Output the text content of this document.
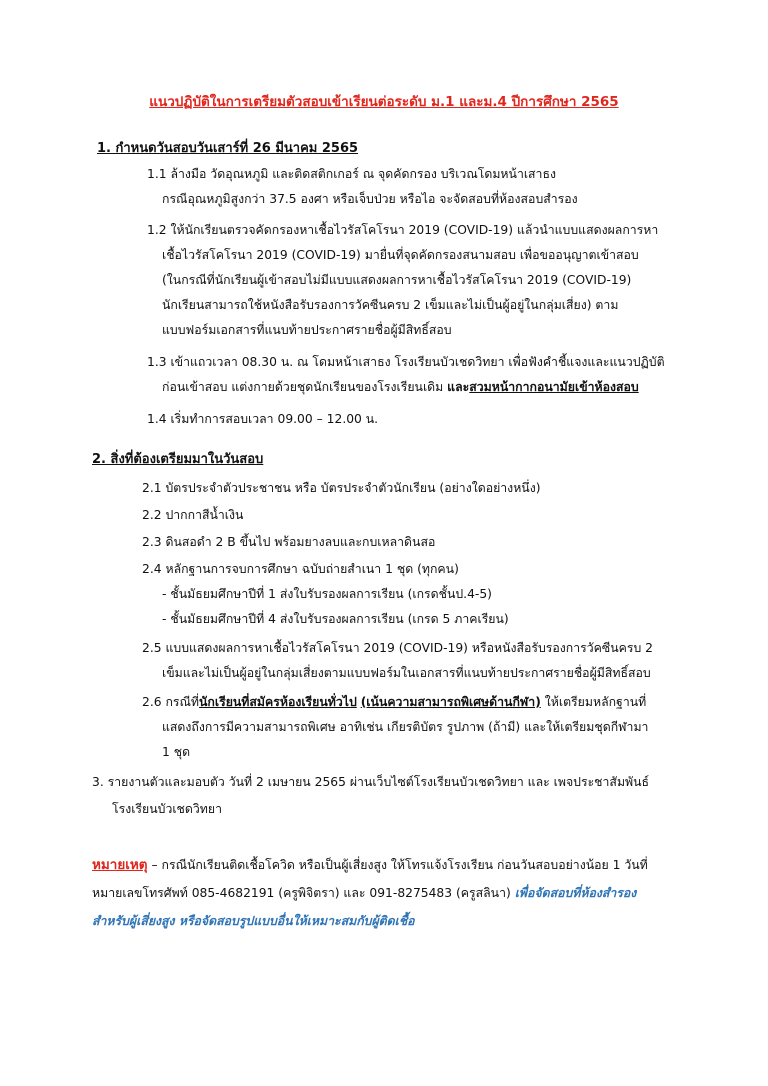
แนวปฏิบัติในการเตรียมตัวสอบเข้าเรียนต่อระดับ ม.1 และม.4 ปีการศึกษา 2565
1. กำหนดวันสอบวันเสาร์ที่ 26 มีนาคม 2565
1.1 ล้างมือ วัดอุณหภูมิ และติดสติกเกอร์ ณ จุดคัดกรอง บริเวณโดมหน้าเสาธง
กรณีอุณหภูมิสูงกว่า 37.5 องศา หรือเจ็บป่วย หรือไอ จะจัดสอบที่ห้องสอบสำรอง
1.2 ให้นักเรียนตรวจคัดกรองหาเชื้อไวรัสโคโรนา 2019 (COVID-19) แล้วนำแบบแสดงผลการหา
เชื้อไวรัสโคโรนา 2019 (COVID-19) มายื่นที่จุดคัดกรองสนามสอบ เพื่อขออนุญาตเข้าสอบ
(ในกรณีที่นักเรียนผู้เข้าสอบไม่มีแบบแสดงผลการหาเชื้อไวรัสโคโรนา 2019 (COVID-19)
นักเรียนสามารถใช้หนังสือรับรองการวัคซีนครบ 2 เข็มและไม่เป็นผู้อยู่ในกลุ่มเสี่ยง) ตาม
แบบฟอร์มเอกสารที่แนบท้ายประกาศรายชื่อผู้มีสิทธิ์สอบ
1.3 เข้าแถวเวลา 08.30 น. ณ โดมหน้าเสาธง โรงเรียนบัวเชดวิทยา เพื่อฟังคำชี้แจงและแนวปฏิบัติ
ก่อนเข้าสอบ แต่งกายด้วยชุดนักเรียนของโรงเรียนเดิม และสวมหน้ากากอนามัยเข้าห้องสอบ
1.4 เริ่มทำการสอบเวลา 09.00 – 12.00 น.
2. สิ่งที่ต้องเตรียมมาในวันสอบ
2.1 บัตรประจำตัวประชาชน หรือ บัตรประจำตัวนักเรียน (อย่างใดอย่างหนึ่ง)
2.2 ปากกาสีน้ำเงิน
2.3 ดินสอดำ 2 B ขึ้นไป พร้อมยางลบและกบเหลาดินสอ
2.4 หลักฐานการจบการศึกษา ฉบับถ่ายสำเนา 1 ชุด (ทุกคน)
- ชั้นมัธยมศึกษาปีที่ 1 ส่งใบรับรองผลการเรียน (เกรดชั้นป.4-5)
- ชั้นมัธยมศึกษาปีที่ 4 ส่งใบรับรองผลการเรียน (เกรด 5 ภาคเรียน)
2.5 แบบแสดงผลการหาเชื้อไวรัสโคโรนา 2019 (COVID-19) หรือหนังสือรับรองการวัคซีนครบ 2
เข็มและไม่เป็นผู้อยู่ในกลุ่มเสี่ยงตามแบบฟอร์มในเอกสารที่แนบท้ายประกาศรายชื่อผู้มีสิทธิ์สอบ
2.6 กรณีที่นักเรียนที่สมัครห้องเรียนทั่วไป (เน้นความสามารถพิเศษด้านกีฬา) ให้เตรียมหลักฐานที่
แสดงถึงการมีความสามารถพิเศษ อาทิเช่น เกียรติบัตร รูปภาพ (ถ้ามี) และให้เตรียมชุดกีฬามา
1 ชุด
3. รายงานตัวและมอบตัว วันที่ 2 เมษายน 2565 ผ่านเว็บไซต์โรงเรียนบัวเชดวิทยา และ เพจประชาสัมพันธ์
โรงเรียนบัวเชดวิทยา
หมายเหตุ – กรณีนักเรียนติดเชื้อโควิด หรือเป็นผู้เสี่ยงสูง ให้โทรแจ้งโรงเรียน ก่อนวันสอบอย่างน้อย 1 วันที่
หมายเลขโทรศัพท์ 085-4682191 (ครูพิจิตรา) และ 091-8275483 (ครูสลินา) เพื่อจัดสอบที่ห้องสำรอง
สำหรับผู้เสี่ยงสูง หรือจัดสอบรูปแบบอื่นให้เหมาะสมกับผู้ติดเชื้อ
